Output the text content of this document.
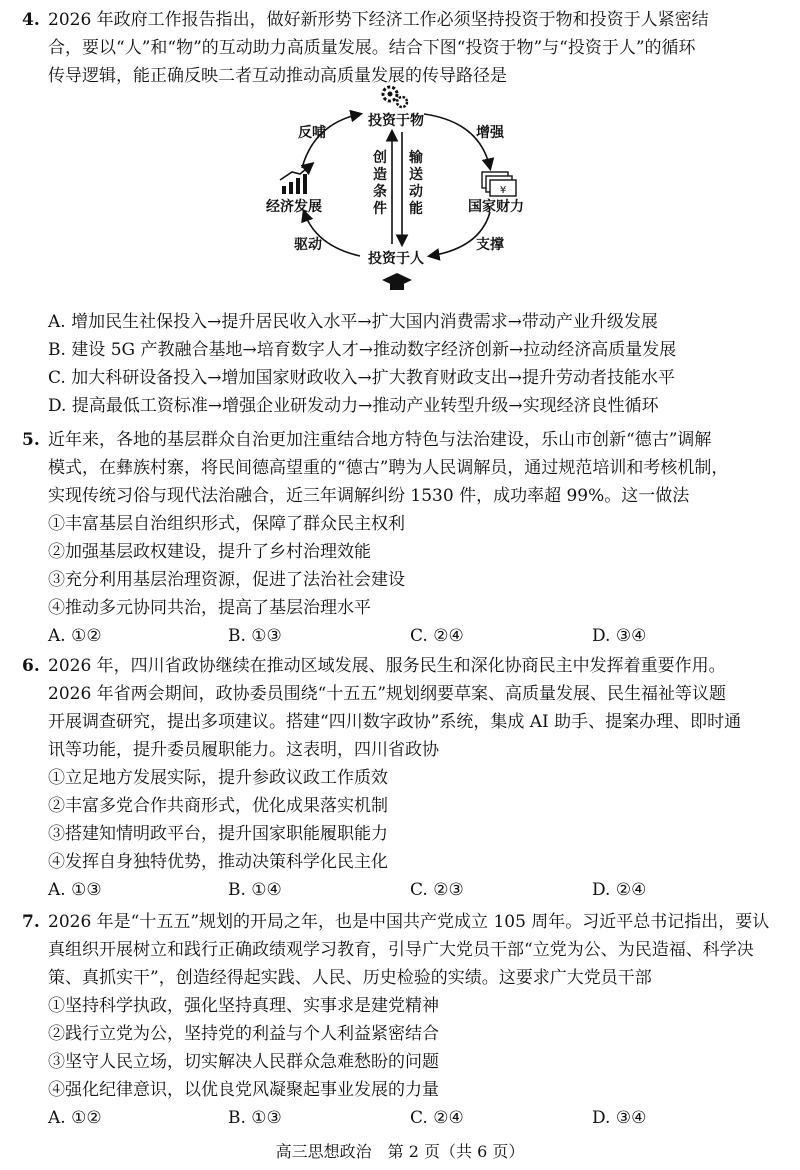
4. 2026 年政府工作报告指出，做好新形势下经济工作必须坚持投资于物和投资于人紧密结
合，要以“人”和“物”的互动助力高质量发展。结合下图“投资于物”与“投资于人”的循环
传导逻辑，能正确反映二者互动推动高质量发展的传导路径是
¥
投资于物
国家财力
投资于人
经济发展
增强
支撑
驱动
反哺
创
造
条
件
输
送
动
能
A. 增加民生社保投入→提升居民收入水平→扩大国内消费需求→带动产业升级发展
B. 建设 5G 产教融合基地→培育数字人才→推动数字经济创新→拉动经济高质量发展
C. 加大科研设备投入→增加国家财政收入→扩大教育财政支出→提升劳动者技能水平
D. 提高最低工资标准→增强企业研发动力→推动产业转型升级→实现经济良性循环
5. 近年来，各地的基层群众自治更加注重结合地方特色与法治建设，乐山市创新“德古”调解
模式，在彝族村寨，将民间德高望重的“德古”聘为人民调解员，通过规范培训和考核机制，
实现传统习俗与现代法治融合，近三年调解纠纷 1530 件，成功率超 99%。这一做法
①丰富基层自治组织形式，保障了群众民主权利
②加强基层政权建设，提升了乡村治理效能
③充分利用基层治理资源，促进了法治社会建设
④推动多元协同共治，提高了基层治理水平
A. ①②	B. ①③	C. ②④	D. ③④
6. 2026 年，四川省政协继续在推动区域发展、服务民生和深化协商民主中发挥着重要作用。
2026 年省两会期间，政协委员围绕“十五五”规划纲要草案、高质量发展、民生福祉等议题
开展调查研究，提出多项建议。搭建“四川数字政协”系统，集成 AI 助手、提案办理、即时通
讯等功能，提升委员履职能力。这表明，四川省政协
①立足地方发展实际，提升参政议政工作质效
②丰富多党合作共商形式，优化成果落实机制
③搭建知情明政平台，提升国家职能履职能力
④发挥自身独特优势，推动决策科学化民主化
A. ①③	B. ①④	C. ②③	D. ②④
7. 2026 年是“十五五”规划的开局之年，也是中国共产党成立 105 周年。习近平总书记指出，要认
真组织开展树立和践行正确政绩观学习教育，引导广大党员干部“立党为公、为民造福、科学决
策、真抓实干”，创造经得起实践、人民、历史检验的实绩。这要求广大党员干部
①坚持科学执政，强化坚持真理、实事求是建党精神
②践行立党为公，坚持党的利益与个人利益紧密结合
③坚守人民立场，切实解决人民群众急难愁盼的问题
④强化纪律意识，以优良党风凝聚起事业发展的力量
A. ①②	B. ①③	C. ②④	D. ③④
高三思想政治　第 2 页（共 6 页）
